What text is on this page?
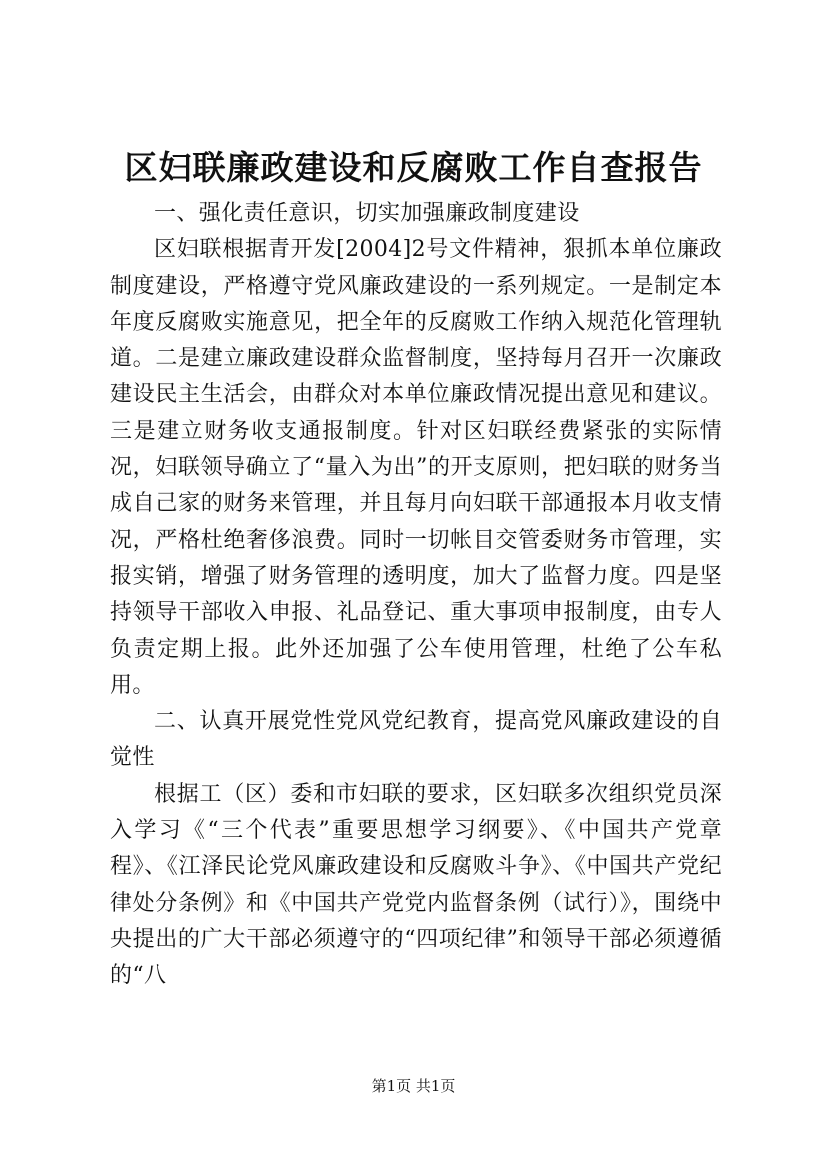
区妇联廉政建设和反腐败工作自查报告

一、强化责任意识，切实加强廉政制度建设

区妇联根据青开发[2004]2号文件精神，狠抓本单位廉政制度建设，严格遵守党风廉政建设的一系列规定。一是制定本年度反腐败实施意见，把全年的反腐败工作纳入规范化管理轨道。二是建立廉政建设群众监督制度，坚持每月召开一次廉政建设民主生活会，由群众对本单位廉政情况提出意见和建议。三是建立财务收支通报制度。针对区妇联经费紧张的实际情况，妇联领导确立了“量入为出”的开支原则，把妇联的财务当成自己家的财务来管理，并且每月向妇联干部通报本月收支情况，严格杜绝奢侈浪费。同时一切帐目交管委财务市管理，实报实销，增强了财务管理的透明度，加大了监督力度。四是坚持领导干部收入申报、礼品登记、重大事项申报制度，由专人负责定期上报。此外还加强了公车使用管理，杜绝了公车私用。

二、认真开展党性党风党纪教育，提高党风廉政建设的自觉性

根据工（区）委和市妇联的要求，区妇联多次组织党员深入学习《“三个代表”重要思想学习纲要》、《中国共产党章程》、《江泽民论党风廉政建设和反腐败斗争》、《中国共产党纪律处分条例》和《中国共产党党内监督条例（试行）》，围绕中央提出的广大干部必须遵守的“四项纪律”和领导干部必须遵循的“八

第1页 共1页
